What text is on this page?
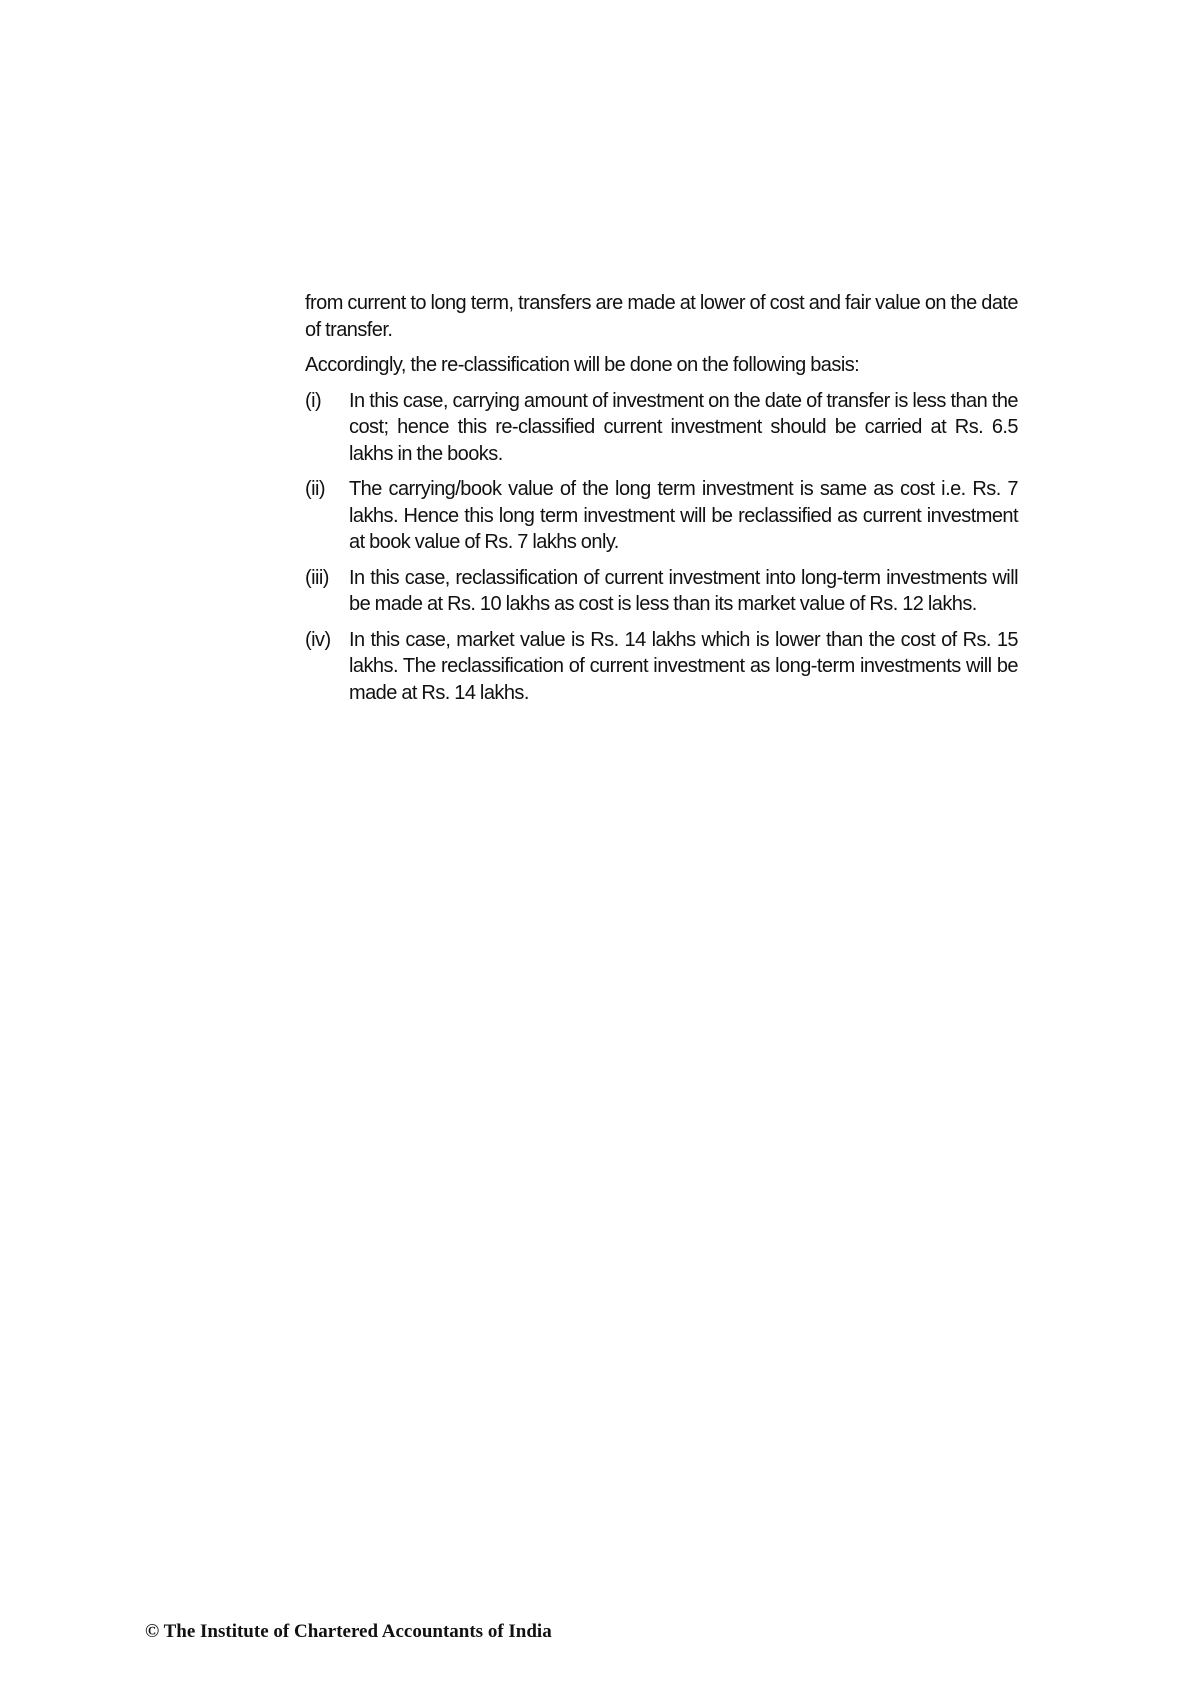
from current to long term, transfers are made at lower of cost and fair value on the date of transfer.

Accordingly, the re-classification will be done on the following basis:

(i)	In this case, carrying amount of investment on the date of transfer is less than the cost; hence this re-classified current investment should be carried at Rs. 6.5 lakhs in the books.
(ii)	The carrying/book value of the long term investment is same as cost i.e. Rs. 7 lakhs. Hence this long term investment will be reclassified as current investment at book value of Rs. 7 lakhs only.
(iii)	In this case, reclassification of current investment into long-term investments will be made at Rs. 10 lakhs as cost is less than its market value of Rs. 12 lakhs.
(iv) In this case, market value is Rs. 14 lakhs which is lower than the cost of Rs. 15 lakhs. The reclassification of current investment as long-term investments will be made at Rs. 14 lakhs.
© The Institute of Chartered Accountants of India
